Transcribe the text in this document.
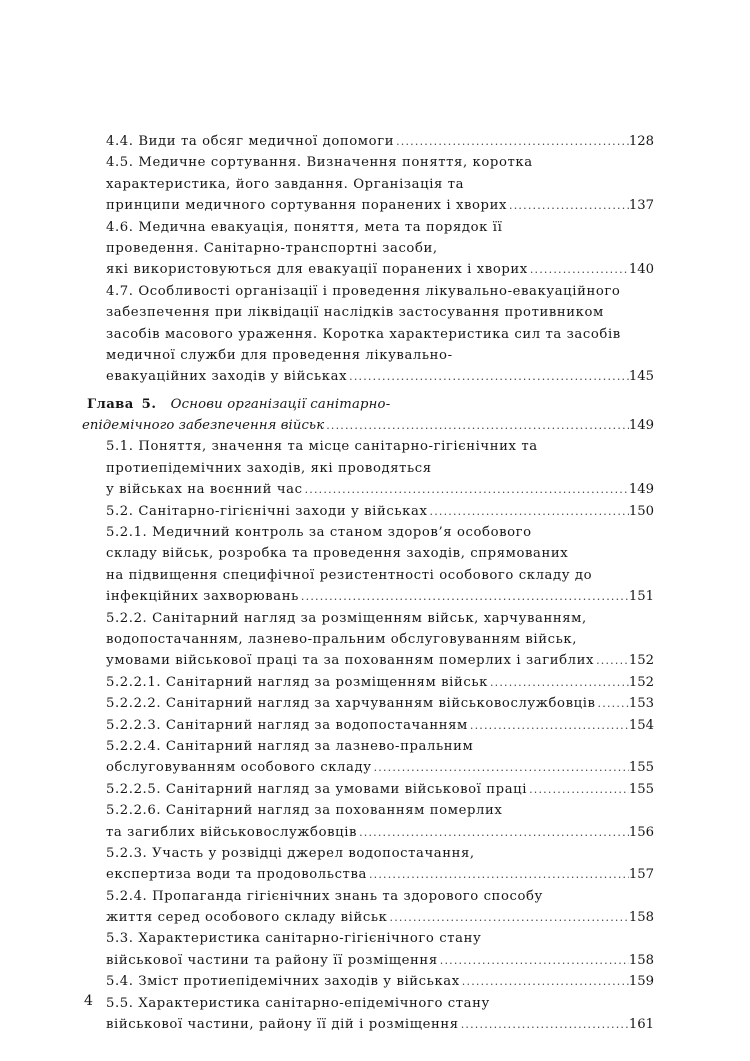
4.4. Види та обсяг медичної допомоги .....	128
4.5. Медичне сортування. Визначення поняття, коротка
характеристика, його завдання. Організація та
принципи медичного сортування поранених і хворих .....	137
4.6. Медична евакуація, поняття, мета та порядок її
проведення. Санітарно-транспортні засоби,
які використовуються для евакуації поранених і хворих .....	140
4.7. Особливості організації і проведення лікувально-евакуаційного
забезпечення при ліквідації наслідків застосування противником
засобів масового ураження. Коротка характеристика сил та засобів
медичної служби для проведення лікувально-
евакуаційних заходів у військах .....	145
Глава 5. Основи організації санітарно-
епідемічного забезпечення військ .....	149
5.1. Поняття, значення та місце санітарно-гігієнічних та
протиепідемічних заходів, які проводяться
у військах на воєнний час .....	149
5.2. Санітарно-гігієнічні заходи у військах .....	150
5.2.1. Медичний контроль за станом здоров’я особового
складу військ, розробка та проведення заходів, спрямованих
на підвищення специфічної резистентності особового складу до
інфекційних захворювань .....	151
5.2.2. Санітарний нагляд за розміщенням військ, харчуванням,
водопостачанням, лазнево-пральним обслуговуванням військ,
умовами військової праці та за похованням померлих і загиблих .....	152
5.2.2.1. Санітарний нагляд за розміщенням військ .....	152
5.2.2.2. Санітарний нагляд за харчуванням військовослужбовців .....	153
5.2.2.3. Санітарний нагляд за водопостачанням .....	154
5.2.2.4. Санітарний нагляд за лазнево-пральним
обслуговуванням особового складу .....	155
5.2.2.5. Санітарний нагляд за умовами військової праці .....	155
5.2.2.6. Санітарний нагляд за похованням померлих
та загиблих військовослужбовців .....	156
5.2.3. Участь у розвідці джерел водопостачання,
експертиза води та продовольства .....	157
5.2.4. Пропаганда гігієнічних знань та здорового способу
життя серед особового складу військ .....	158
5.3. Характеристика санітарно-гігієнічного стану
військової частини та району її розміщення .....	158
5.4. Зміст протиепідемічних заходів у військах .....	159
5.5. Характеристика санітарно-епідемічного стану
військової частини, району її дій і розміщення .....	161
4
